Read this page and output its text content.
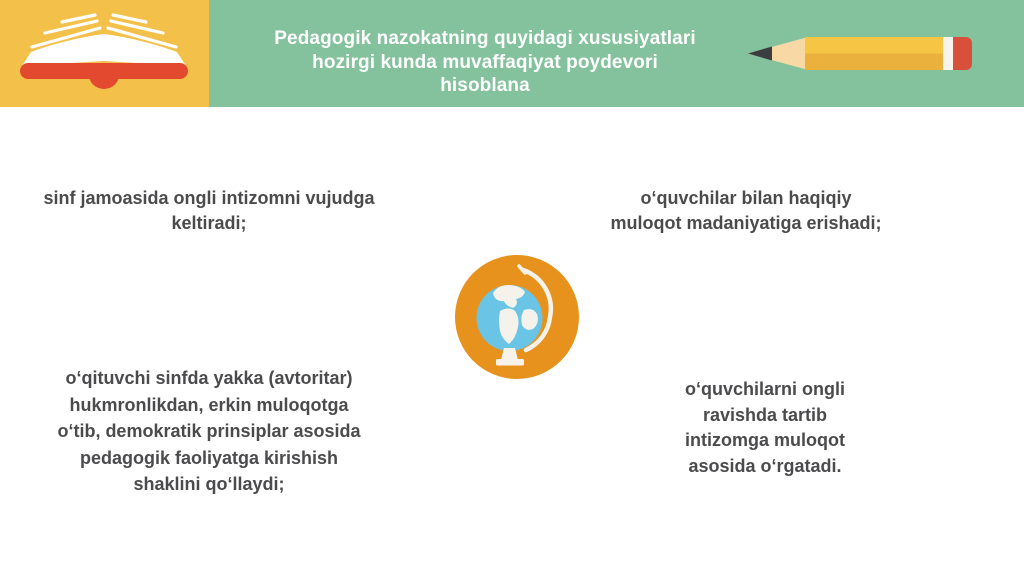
Pedagogik nazokatning quyidagi xususiyatlari
hozirgi kunda muvaffaqiyat poydevori
hisoblana
sinf jamoasida ongli intizomni vujudga
keltiradi;
o‘quvchilar bilan haqiqiy
muloqot madaniyatiga erishadi;
o‘qituvchi sinfda yakka (avtoritar)
hukmronlikdan, erkin muloqotga
o‘tib, demokratik prinsiplar asosida
pedagogik faoliyatga kirishish
shaklini qo‘llaydi;
o‘quvchilarni ongli
ravishda tartib
intizomga muloqot
asosida o‘rgatadi.
